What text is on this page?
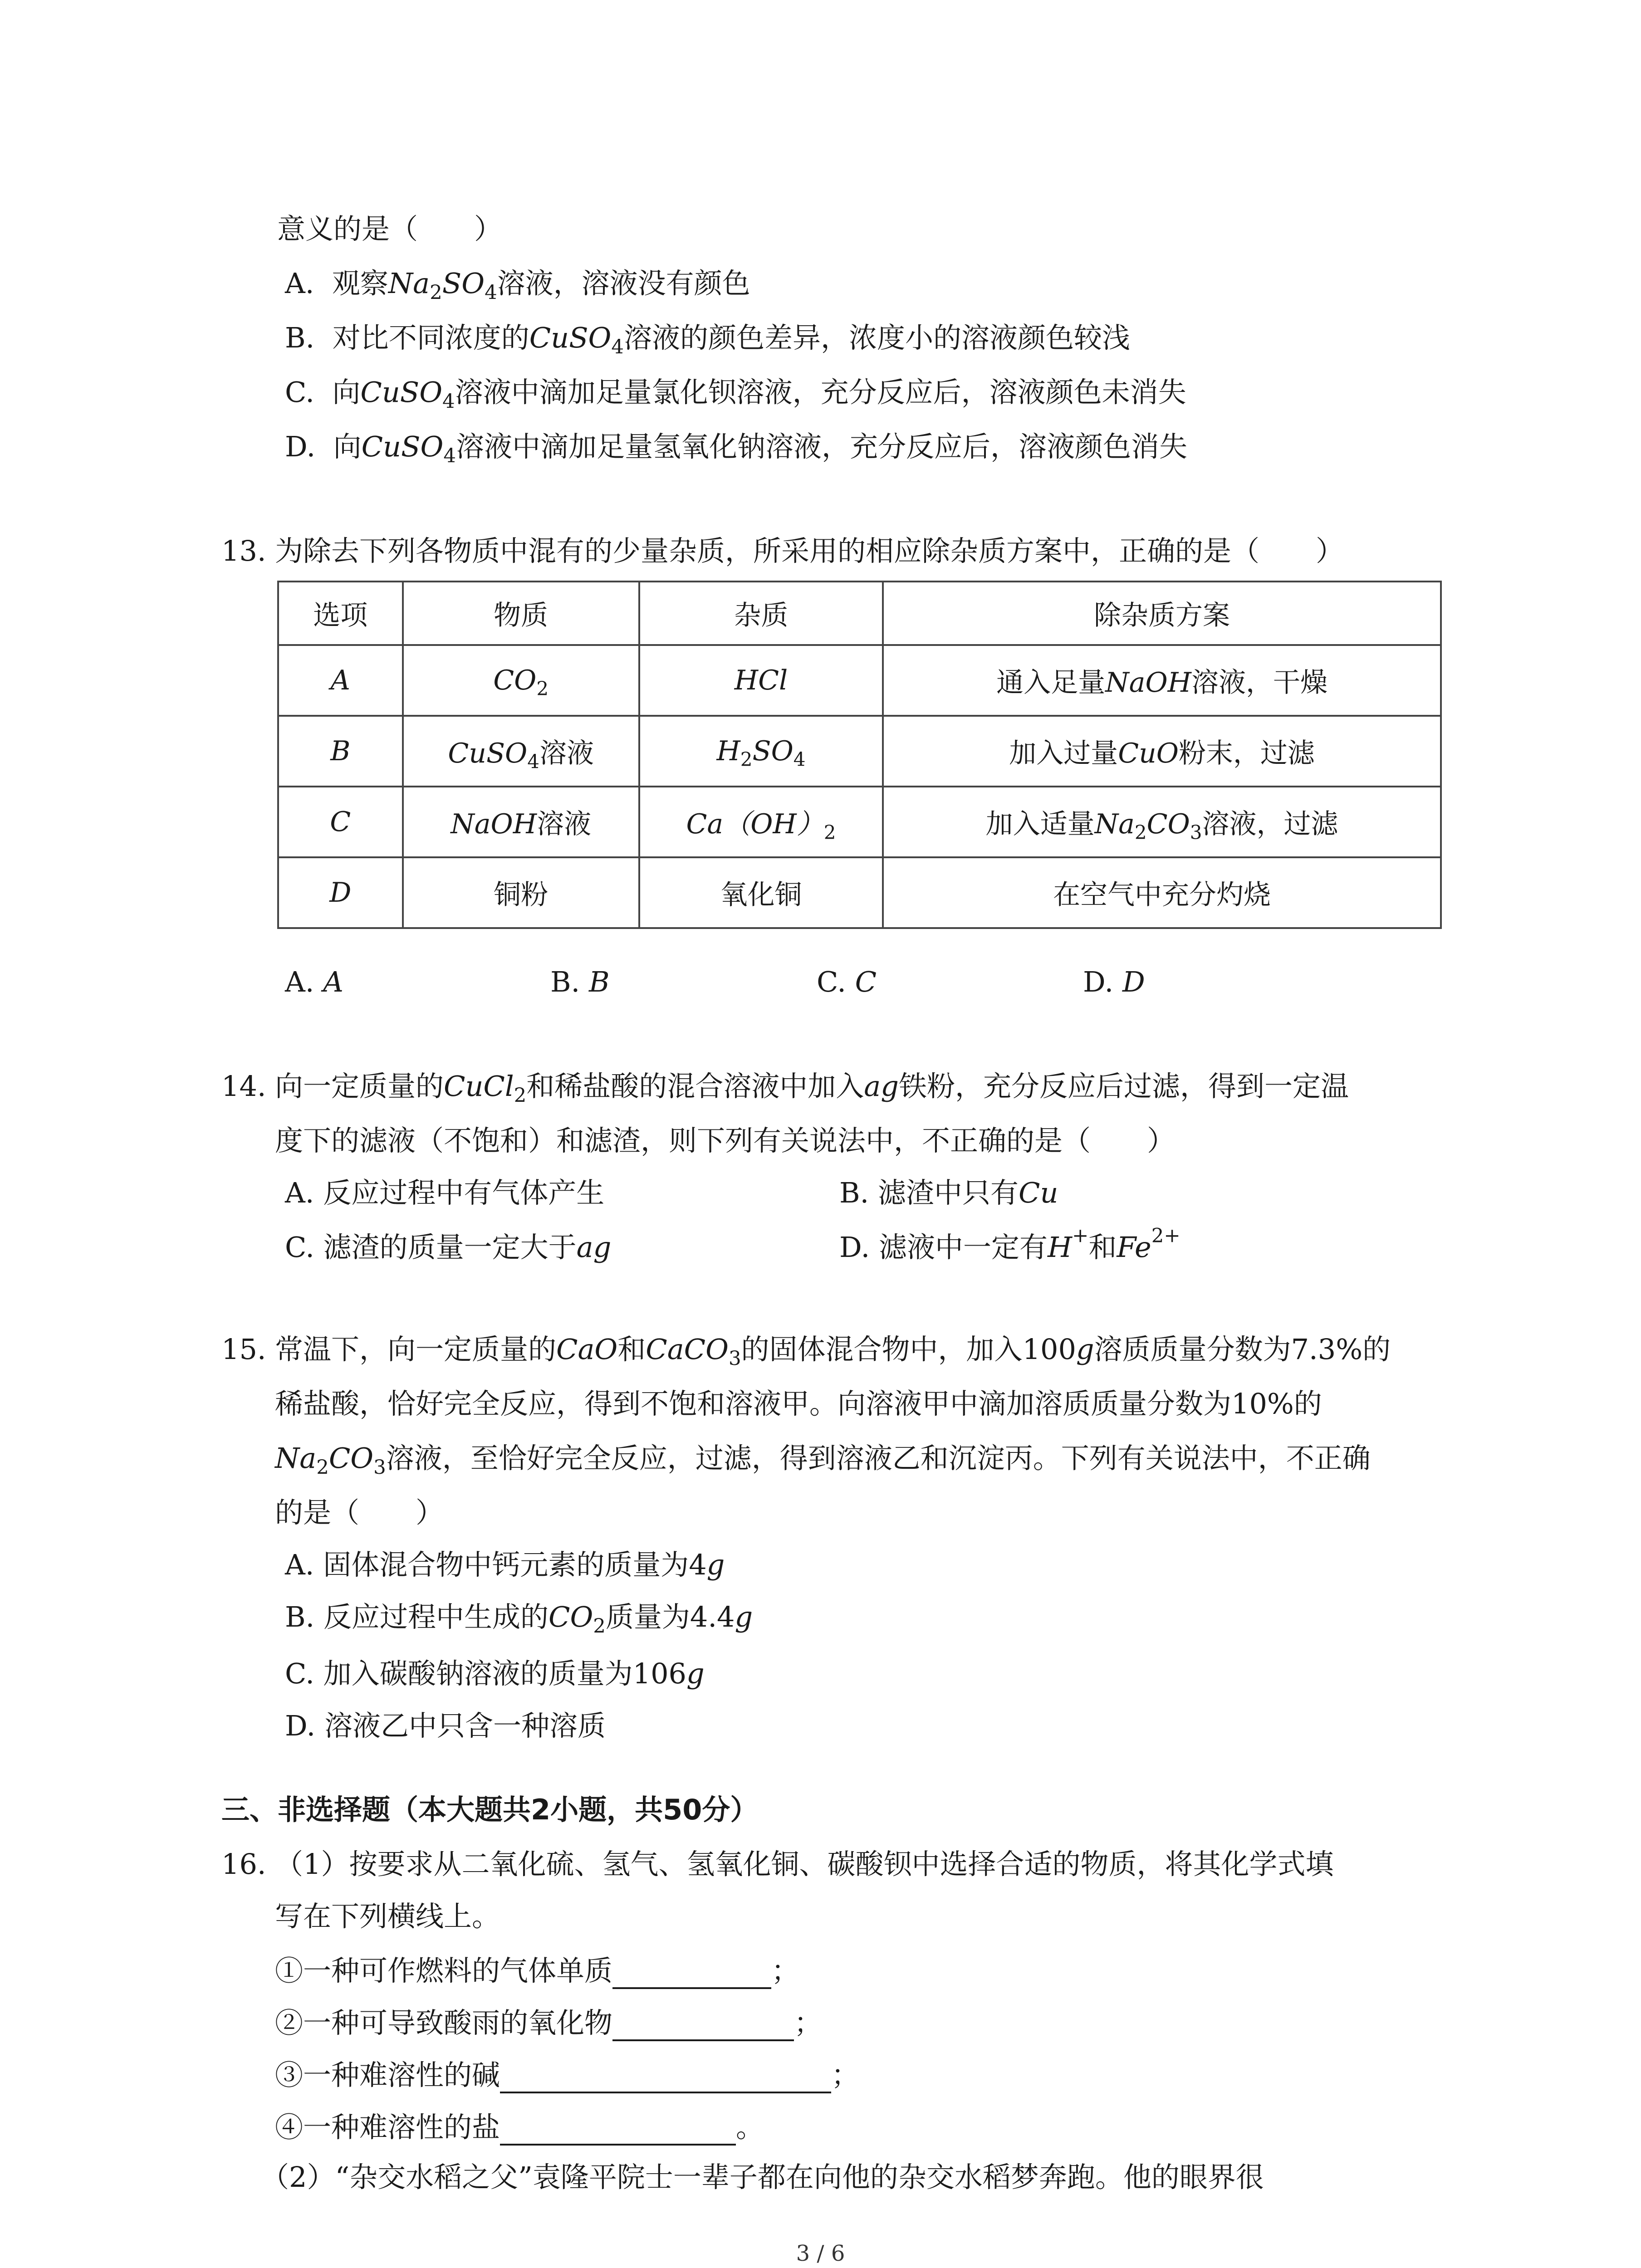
意义的是（　　）
A. 观察$Na_2SO_4$溶液，溶液没有颜色
B. 对比不同浓度的CuSO$_4$溶液的颜色差异，浓度小的溶液颜色较浅
C. 向CuSO$_4$溶液中滴加足量氯化钡溶液，充分反应后，溶液颜色未消失
D. 向CuSO$_4$溶液中滴加足量氢氧化钠溶液，充分反应后，溶液颜色消失
13. 为除去下列各物质中混有的少量杂质，所采用的相应除杂质方案中，正确的是（　　）
选项	物质	杂质	除杂质方案
A	$CO_2$	HCl	通入足量NaOH溶液，干燥
B	CuSO$_4$溶液	$H_2SO_4$	加入过量CuO粉末，过滤
C	NaOH溶液	$Ca(OH)_2$	加入适量$Na_2CO_3$溶液，过滤
D	铜粉	氧化铜	在空气中充分灼烧
A. A	B. B	C. C	D. D
14. 向一定质量的CuCl$_2$和稀盐酸的混合溶液中加入ag铁粉，充分反应后过滤，得到一定温
度下的滤液（不饱和）和滤渣，则下列有关说法中，不正确的是（　　）
A. 反应过程中有气体产生	B. 滤渣中只有Cu
C. 滤渣的质量一定大于ag	D. 滤液中一定有H+和$Fe^{2+}$
15. 常温下，向一定质量的CaO和CaCO$_3$的固体混合物中，加入100g溶质质量分数为7.3%的
稀盐酸，恰好完全反应，得到不饱和溶液甲。向溶液甲中滴加溶质质量分数为10%的
$Na_2CO_3$溶液，至恰好完全反应，过滤，得到溶液乙和沉淀丙。下列有关说法中，不正确
的是（　　）
A. 固体混合物中钙元素的质量为4g
B. 反应过程中生成的$CO_2$质量为4.4g
C. 加入碳酸钠溶液的质量为106g
D. 溶液乙中只含一种溶质
三、非选择题（本大题共2小题，共50分）
16. （1）按要求从二氧化硫、氢气、氢氧化铜、碳酸钡中选择合适的物质，将其化学式填
写在下列横线上。
①一种可作燃料的气体单质	；
②一种可导致酸雨的氧化物	；
③一种难溶性的碱	；
④一种难溶性的盐	。
（2）“杂交水稻之父”袁隆平院士一辈子都在向他的杂交水稻梦奔跑。他的眼界很
3 / 6
